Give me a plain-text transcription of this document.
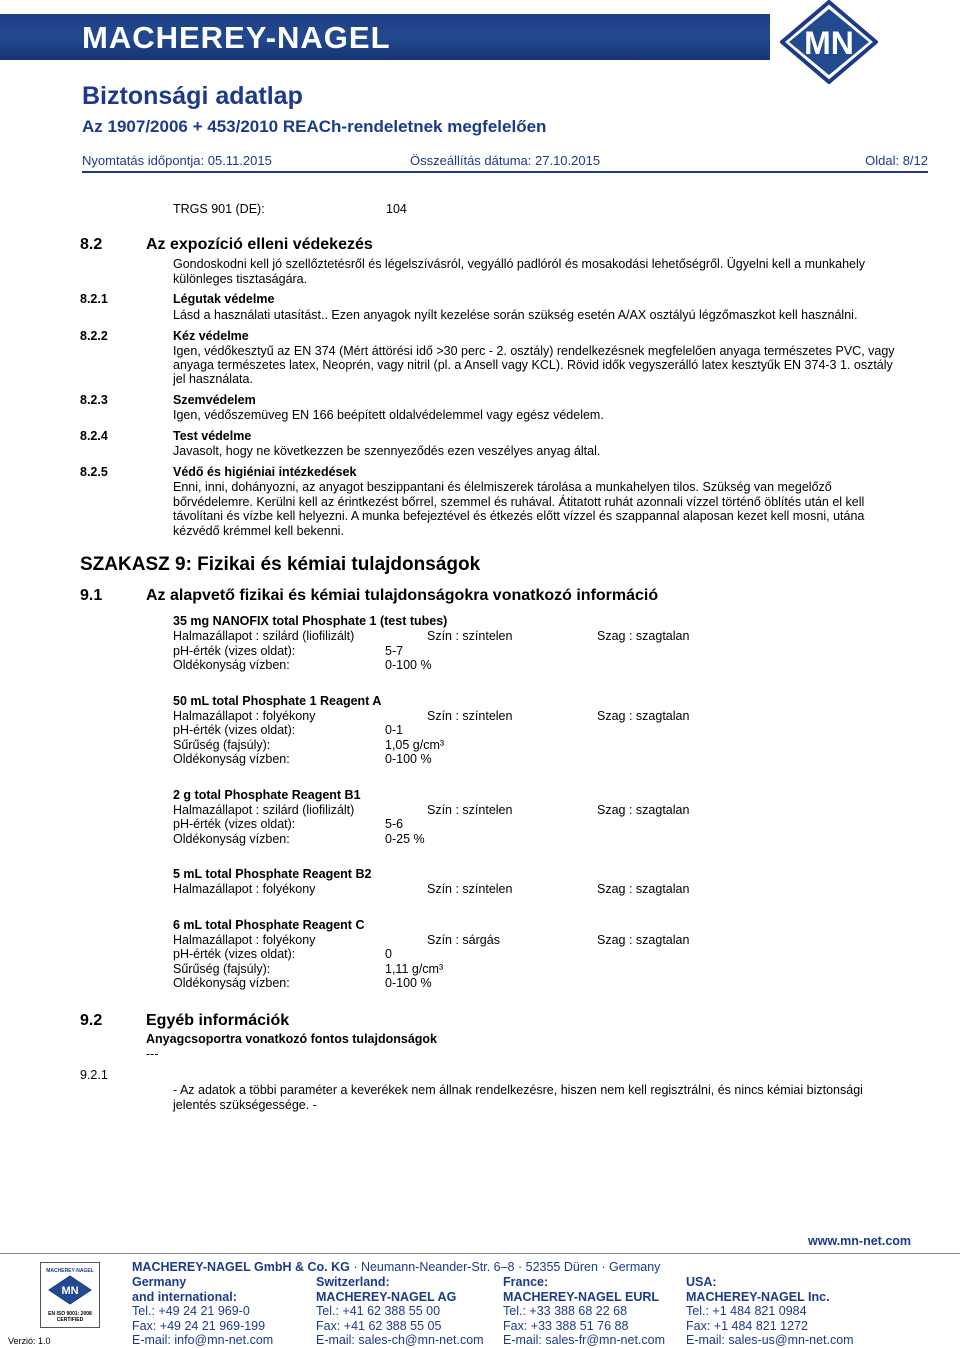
MACHEREY-NAGEL	MN
Biztonsági adatlap
Az 1907/2006 + 453/2010 REACh-rendeletnek megfelelően
Nyomtatás időpontja: 05.11.2015	Összeállítás dátuma: 27.10.2015	Oldal: 8/12
TRGS 901 (DE):	104
8.2	Az expozíció elleni védekezés
Gondoskodni kell jó szellőztetésről és légelszívásról, vegyálló padlóról és mosakodási lehetőségről. Ügyelni kell a munkahely
különleges tisztaságára.
8.2.1	Légutak védelme
Lásd a használati utasítást.. Ezen anyagok nyílt kezelése során szükség esetén A/AX osztályú légzőmaszkot kell használni.
8.2.2	Kéz védelme
Igen, védőkesztyű az EN 374 (Mért áttörési idő >30 perc - 2. osztály) rendelkezésnek megfelelően anyaga természetes PVC, vagy
anyaga természetes latex, Neoprén, vagy nitril (pl. a Ansell vagy KCL). Rövid idők vegyszerálló latex kesztyűk EN 374-3 1. osztály
jel használata.
8.2.3	Szemvédelem
Igen, védőszemüveg EN 166 beépített oldalvédelemmel vagy egész védelem.
8.2.4	Test védelme
Javasolt, hogy ne következzen be szennyeződés ezen veszélyes anyag által.
8.2.5	Védő és higiéniai intézkedések
Enni, inni, dohányozni, az anyagot beszippantani és élelmiszerek tárolása a munkahelyen tilos. Szükség van megelőző
bőrvédelemre. Kerülni kell az érintkezést bőrrel, szemmel és ruhával. Átitatott ruhát azonnali vízzel történő öblítés után el kell
távolítani és vízbe kell helyezni. A munka befejeztével és étkezés előtt vízzel és szappannal alaposan kezet kell mosni, utána
kézvédő krémmel kell bekenni.
SZAKASZ 9: Fizikai és kémiai tulajdonságok
9.1	Az alapvető fizikai és kémiai tulajdonságokra vonatkozó információ
35 mg NANOFIX total Phosphate 1 (test tubes)
Halmazállapot : szilárd (liofilizált)	Szín : színtelen	Szag : szagtalan
pH-érték (vizes oldat):	5-7
Oldékonyság vízben:	0-100 %
50 mL total Phosphate 1 Reagent A
Halmazállapot : folyékony	Szín : színtelen	Szag : szagtalan
pH-érték (vizes oldat):	0-1
Sűrűség (fajsúly):	1,05 g/cm³
Oldékonyság vízben:	0-100 %
2 g total Phosphate Reagent B1
Halmazállapot : szilárd (liofilizált)	Szín : színtelen	Szag : szagtalan
pH-érték (vizes oldat):	5-6
Oldékonyság vízben:	0-25 %
5 mL total Phosphate Reagent B2
Halmazállapot : folyékony	Szín : színtelen	Szag : szagtalan
6 mL total Phosphate Reagent C
Halmazállapot : folyékony	Szín : sárgás	Szag : szagtalan
pH-érték (vizes oldat):	0
Sűrűség (fajsúly):	1,11 g/cm³
Oldékonyság vízben:	0-100 %
9.2	Egyéb információk
Anyagcsoportra vonatkozó fontos tulajdonságok
---
9.2.1
- Az adatok a többi paraméter a keverékek nem állnak rendelkezésre, hiszen nem kell regisztrálni, és nincs kémiai biztonsági
jelentés szükségessége. -
www.mn-net.com
MACHEREY-NAGEL
MN
EN ISO 9001: 2008
CERTIFIED
Verzió: 1.0
MACHEREY-NAGEL GmbH & Co. KG · Neumann-Neander-Str. 6–8 · 52355 Düren · Germany
Germany
and international:
Tel.: +49 24 21 969-0
Fax: +49 24 21 969-199
E-mail: info@mn-net.com
Switzerland:
MACHEREY-NAGEL AG
Tel.: +41 62 388 55 00
Fax: +41 62 388 55 05
E-mail: sales-ch@mn-net.com
France:
MACHEREY-NAGEL EURL
Tel.: +33 388 68 22 68
Fax: +33 388 51 76 88
E-mail: sales-fr@mn-net.com
USA:
MACHEREY-NAGEL Inc.
Tel.: +1 484 821 0984
Fax: +1 484 821 1272
E-mail: sales-us@mn-net.com
